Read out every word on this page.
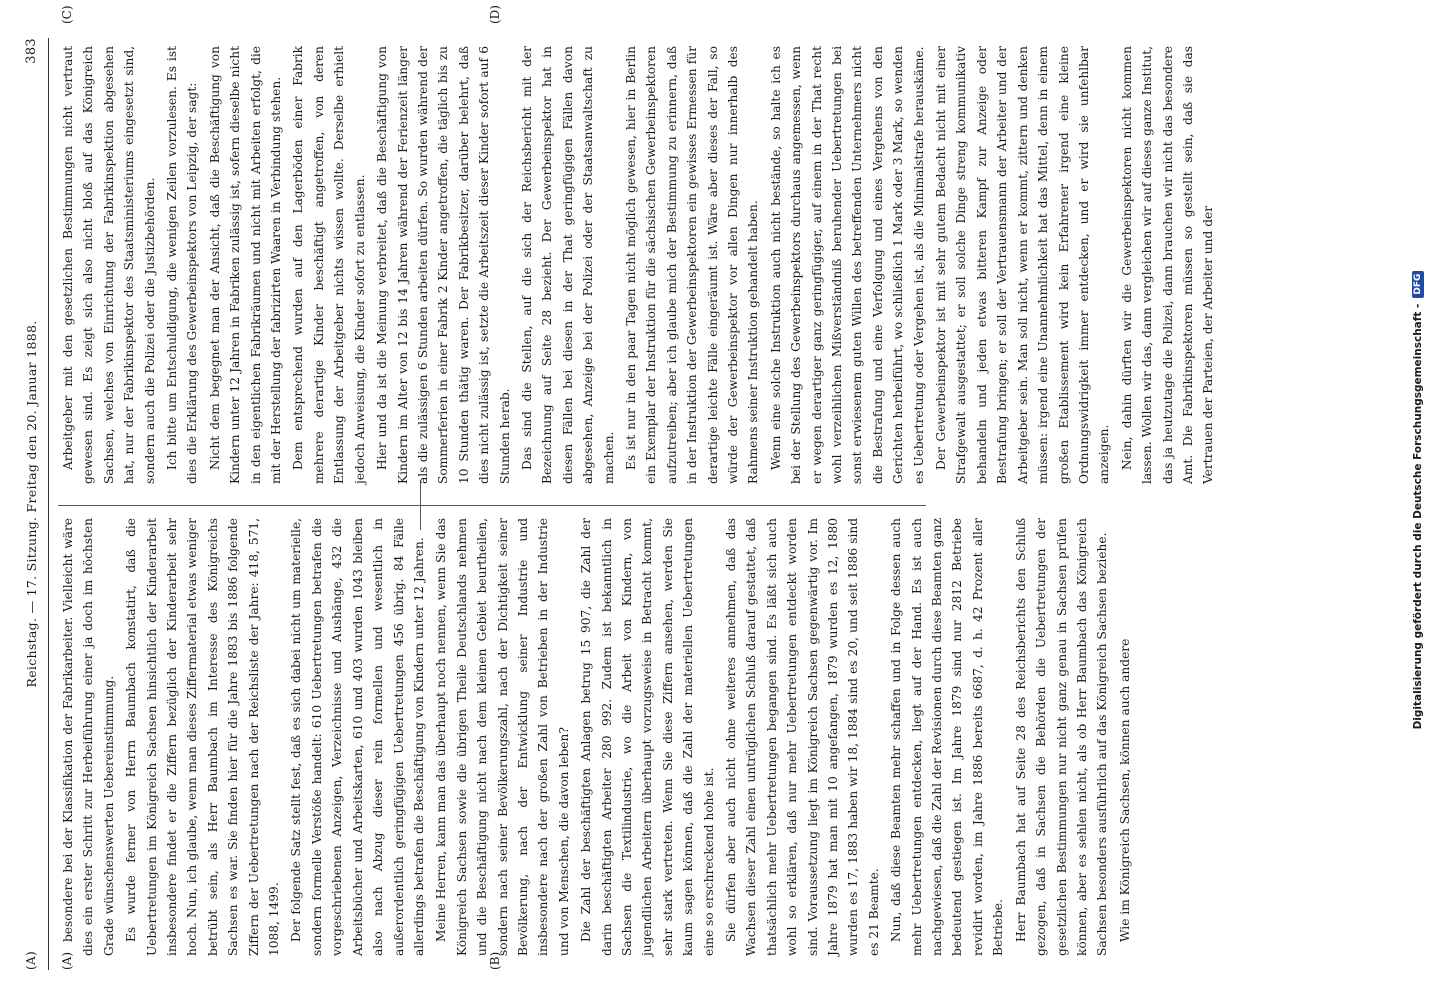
(A)
Reichstag. — 17. Sitzung. Freitag den 20. Januar 1888.
383
(A)	(B)
(C)	(D)

besondere bei der Klassifikation der Fabrikarbeiter. Vielleicht wäre dies ein erster Schritt zur Herbeiführung einer ja doch im höchsten Grade wünschenswerten Uebereinstimmung. Es wurde ferner von Herrn Baumbach konstatirt, daß die Uebertretungen im Königreich Sachsen hinsichtlich der Kinderarbeit insbesondere findet er die Ziffern bezüglich der Kinderarbeit sehr hoch. Nun, ich glaube, wenn man dieses Ziffermaterial etwas weniger betrübt sein, als Herr Baumbach im Interesse des Königreichs Sachsen es war. Sie finden hier für die Jahre 1883 bis 1886 folgende Ziffern der Uebertretungen nach der Reichsliste der Jahre: 418, 571, 1088, 1499. Der folgende Satz stellt fest, daß es sich dabei nicht um materielle, sondern formelle Verstöße handelt: 610 Uebertretungen betrafen die vorgeschriebenen Anzeigen, Verzeichnisse und Aushänge, 432 die Arbeitsbücher und Arbeitskarten, 610 und 403 wurden 1043 bleiben also nach Abzug dieser rein formellen und wesentlich in außerordentlich geringfügigen Uebertretungen 456 übrig. 84 Fälle allerdings betrafen die Beschäftigung von Kindern unter 12 Jahren. Meine Herren, kann man das überhaupt noch nennen, wenn Sie das Königreich Sachsen sowie die übrigen Theile Deutschlands nehmen und die Beschäftigung nicht nach dem kleinen Gebiet beurtheilen, sondern nach seiner Bevölkerungszahl, nach der Dichtigkeit seiner Bevölkerung, nach der Entwicklung seiner Industrie und insbesondere nach der großen Zahl von Betrieben in der Industrie und von Menschen, die davon leben? Die Zahl der beschäftigten Anlagen betrug 15 907, die Zahl der darin beschäftigten Arbeiter 280 992. Zudem ist bekanntlich in Sachsen die Textilindustrie, wo die Arbeit von Kindern, von jugendlichen Arbeitern überhaupt vorzugsweise in Betracht kommt, sehr stark vertreten. Wenn Sie diese Ziffern ansehen, werden Sie kaum sagen können, daß die Zahl der materiellen Uebertretungen eine so erschreckend hohe ist. Sie dürfen aber auch nicht ohne weiteres annehmen, daß das Wachsen dieser Zahl einen untrüglichen Schluß darauf gestattet, daß thatsächlich mehr Uebertretungen begangen sind. Es läßt sich auch wohl so erklären, daß nur mehr Uebertretungen entdeckt worden sind. Voraussetzung liegt im Königreich Sachsen gegenwärtig vor. Im Jahre 1879 hat man mit 10 angefangen, 1879 wurden es 12, 1880 wurden es 17, 1883 haben wir 18, 1884 sind es 20, und seit 1886 sind es 21 Beamte. Nun, daß diese Beamten mehr schaffen und in Folge dessen auch mehr Uebertretungen entdecken, liegt auf der Hand. Es ist auch nachgewiesen, daß die Zahl der Revisionen durch diese Beamten ganz bedeutend gestiegen ist. Im Jahre 1879 sind nur 2812 Betriebe revidirt worden, im Jahre 1886 bereits 6687, d. h. 42 Prozent aller Betriebe. Herr Baumbach hat auf Seite 28 des Reichsberichts den Schluß gezogen, daß in Sachsen die Behörden die Uebertretungen der gesetzlichen Bestimmungen nur nicht ganz genau in Sachsen prüfen können, aber es sehlen nicht, als ob Herr Baumbach das Königreich Sachsen besonders ausführlich auf das Königreich Sachsen beziehe. Wie im Königreich Sachsen, können auch andere

Arbeitgeber mit den gesetzlichen Bestimmungen nicht vertraut gewesen sind. Es zeigt sich also nicht bloß auf das Königreich Sachsen, welches von Einrichtung der Fabrikinspektion abgesehen hat, nur der Fabrikinspektor des Staatsministeriums eingesetzt sind, sondern auch die Polizei oder die Justizbehörden. Ich bitte um Entschuldigung, die wenigen Zeilen vorzulesen. Es ist dies die Erklärung des Gewerbeinspektors von Leipzig, der sagt: Nicht dem begegnet man der Ansicht, daß die Beschäftigung von Kindern unter 12 Jahren in Fabriken zulässig ist, sofern dieselbe nicht in den eigentlichen Fabrikräumen und nicht mit Arbeiten erfolgt, die mit der Herstellung der fabrizirten Waaren in Verbindung stehen. Dem entsprechend wurden auf den Lagerböden einer Fabrik mehrere derartige Kinder beschäftigt angetroffen, von deren Entlassung der Arbeitgeber nichts wissen wollte. Derselbe erhielt jedoch Anweisung, die Kinder sofort zu entlassen. Hier und da ist die Meinung verbreitet, daß die Beschäftigung von Kindern im Alter von 12 bis 14 Jahren während der Ferienzeit länger als die zulässigen 6 Stunden arbeiten dürfen. So wurden während der Sommerferien in einer Fabrik 2 Kinder angetroffen, die täglich bis zu 10 Stunden thätig waren. Der Fabrikbesitzer, darüber belehrt, daß dies nicht zulässig ist, setzte die Arbeitszeit dieser Kinder sofort auf 6 Stunden herab. Das sind die Stellen, auf die sich der Reichsbericht mit der Bezeichnung auf Seite 28 bezieht. Der Gewerbeinspektor hat in diesen Fällen bei diesen in der That geringfügigen Fällen davon abgesehen, Anzeige bei der Polizei oder der Staatsanwaltschaft zu machen. Es ist nur in den paar Tagen nicht möglich gewesen, hier in Berlin ein Exemplar der Instruktion für die sächsischen Gewerbeinspektoren aufzutreiben; aber ich glaube mich der Bestimmung zu erinnern, daß in der Instruktion der Gewerbeinspektoren ein gewisses Ermessen für derartige leichte Fälle eingeräumt ist. Wäre aber dieses der Fall, so würde der Gewerbeinspektor vor allen Dingen nur innerhalb des Rahmens seiner Instruktion gehandelt haben. Wenn eine solche Instruktion auch nicht bestände, so halte ich es bei der Stellung des Gewerbeinspektors durchaus angemessen, wenn er wegen derartiger ganz geringfügiger, auf einem in der That recht wohl verzeihlichen Mißverständniß beruhender Uebertretungen bei sonst erwiesenem guten Willen des betreffenden Unternehmers nicht die Bestrafung und eine Verfolgung und eines Vergehens von den Gerichten herbeiführt, wo schließlich 1 Mark oder 3 Mark, so wenden es Uebertretung oder Vergehen ist, als die Minimalstrafe herauskäme. Der Gewerbeinspektor ist mit sehr gutem Bedacht nicht mit einer Strafgewalt ausgestattet; er soll solche Dinge streng kommunikativ behandeln und jeden etwas bitteren Kampf zur Anzeige oder Bestrafung bringen; er soll der Vertrauensmann der Arbeiter und der Arbeitgeber sein. Man soll nicht, wenn er kommt, zittern und denken müssen: irgend eine Unannehmlichkeit hat das Mittel, denn in einem großen Etablissement wird kein Erfahrener irgend eine kleine Ordnungswidrigkeit immer entdecken, und er wird sie unfehlbar anzeigen. Nein, dahin dürften wir die Gewerbeinspektoren nicht kommen lassen. Wollen wir das, dann vergleichen wir auf dieses ganze Institut, das ja heutzutage die Polizei, dann brauchen wir nicht das besondere Amt. Die Fabrikinspektoren müssen so gestellt sein, daß sie das Vertrauen der Parteien, der Arbeiter und der	Digitalisierung gefördert durch die Deutsche Forschungsgemeinschaft -
DFG
